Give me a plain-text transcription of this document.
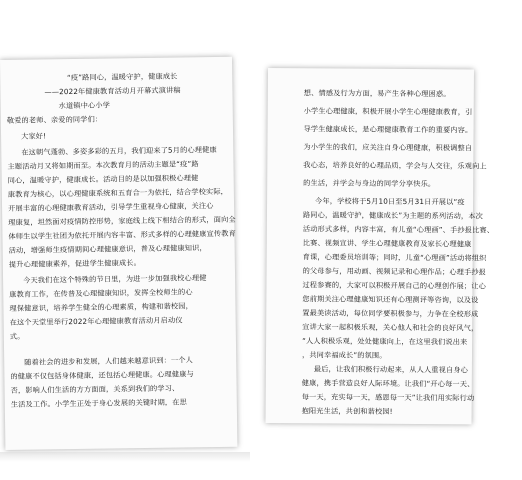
“疫”路同心，温暖守护，健康成长
——2022年健康教育活动月开幕式演讲稿
水道镇中心小学
敬爱的老师、亲爱的同学们：
大家好!
在这朝气蓬勃、多姿多彩的五月，我们迎来了5月的心理健康
主题活动月又将如期而至。本次教育月的活动主题是“疫”路
同心，温暖守护，健康成长。活动目的是以加强积极心理健
康教育为核心，以心理健康系统和五育合一为依托，结合学校实际，
开展丰富的心理健康教育活动，引导学生重视身心健康，关注心
理康复，坦然面对疫情防控形势，家庭线上线下相结合的形式，面向全
体师生以学生社团为依托开展内容丰富、形式多样的心理健康宣传教育
活动，增强师生疫情期间心理健康意识，普及心理健康知识，
提升心理健康素养，促进学生健康成长。
今天我们在这个特殊的节日里，为进一步加强我校心理健
康教育工作，在传普及心理健康知识，发挥全校师生的心
理保健意识，培养学生健全的心理素质，构建和谐校园，
在这个天堂里举行2022年心理健康教育活动月启动仪
式。
随着社会的进步和发展，人们越来越意识到：一个人
的健康不仅包括身体健康，还包括心理健康。心理健康与
否，影响人们生活的方方面面，关系到我们的学习、
生活及工作。小学生正处于身心发展的关键时期，在思
想、情感及行为方面，易产生各种心理困惑。
小学生心理健康，积极开展小学生心理健康教育，引
导学生健康成长，是心理健康教育工作的重要内容。
为小学生的我们，应关注自身心理健康，积极调整自
我心态，培养良好的心理品质，学会与人交往，乐观向上
的生活，并学会与身边的同学分享快乐。
今年，学校将于5月10日至5月31日开展以“疫
路同心，温暖守护，健康成长”为主题的系列活动，本次
活动形式多样，内容丰富，有儿童“心理画”、手抄报比赛、
比赛、视频宣讲、学生心理健康教育及家长心理健康
育课，心理委员培训等；同时，儿童“心理画”活动将组织
的父母参与，用动画、视频记录和心理作品；心理手抄报
过程参赛的，大家可以积极开展自己的心理创作展；让心
您前期关注心理健康知识还有心理测评等咨询，以及设
置最美读活动，每位同学要积极参与，力争在全校形成
宣讲大家一起积极乐观，关心他人和社会的良好风气，
“人人积极乐观，处处健康向上，在这里我们说出来
，共同幸福成长”的氛围。
最后，让我们积极行动起来，从人人重视自身心
健康，携手营造良好人际环境。让我们“开心每一天、
每一天，充实每一天，感恩每一天”让我们用实际行动
抱阳光生活，共创和谐校园!
